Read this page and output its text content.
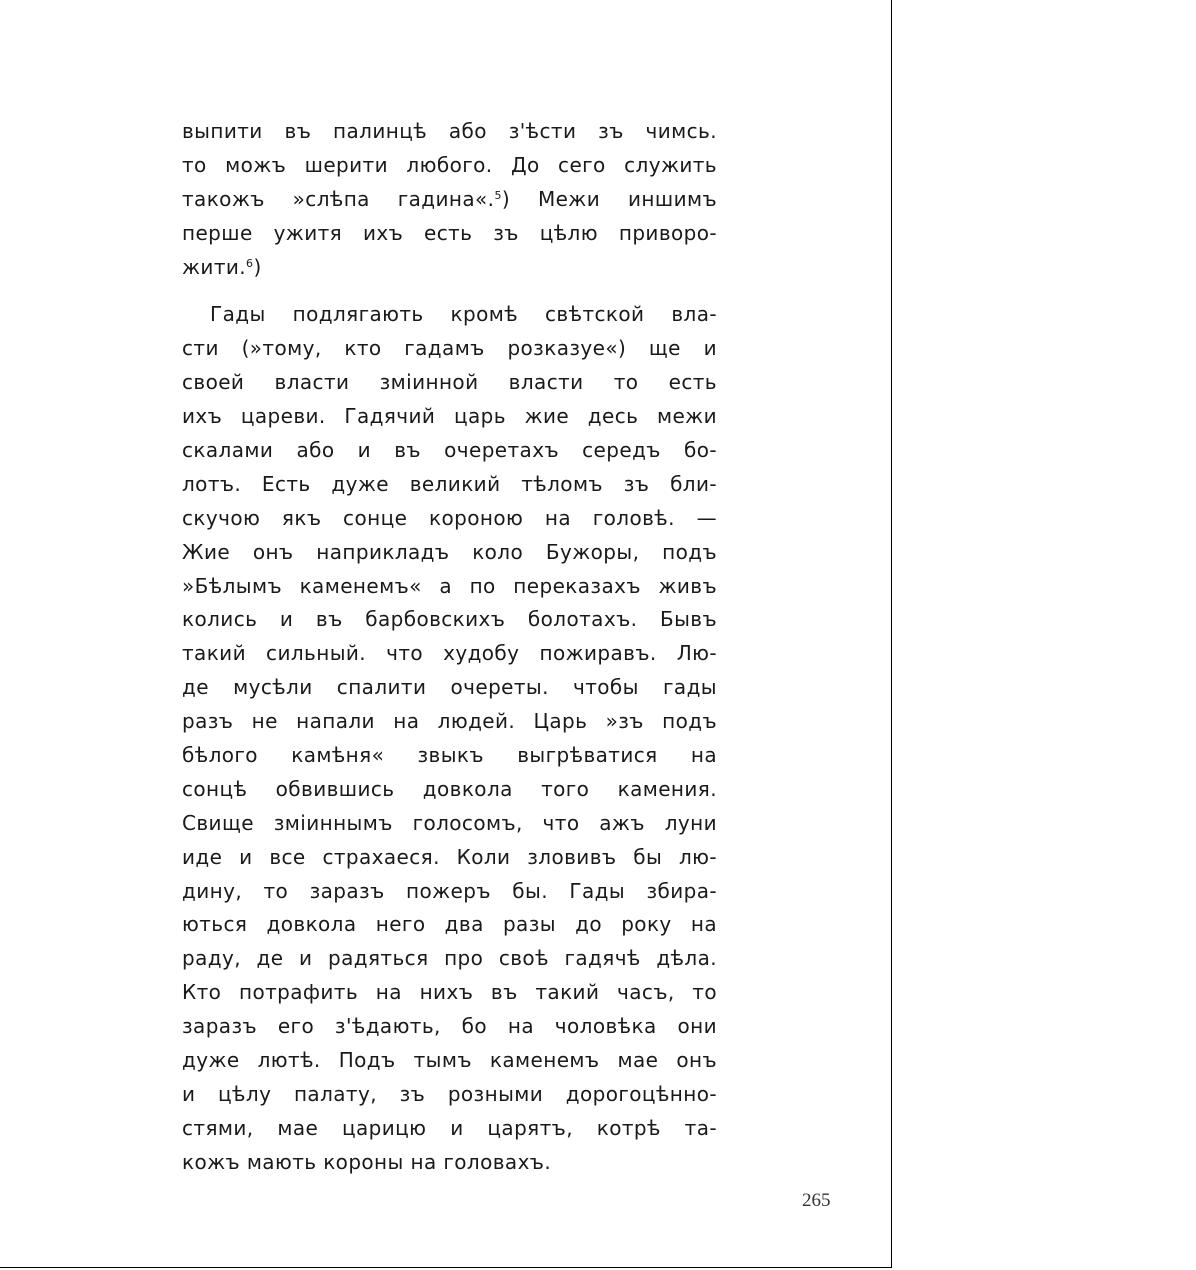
выпити въ палинцѣ або з'ѣсти зъ чимсь.
то можъ шерити любого. До сего служить
такожъ »слѣпа гадина«.$^5$) Межи иншимъ
перше ужитя ихъ есть зъ цѣлю приворо-
жити.$^6$)
Гады подлягають кромѣ свѣтской вла-
сти (»тому, кто гадамъ розказуе«) ще и
своей власти змiинной власти то есть
ихъ цареви. Гадячий царь жие десь межи
скалами або и въ очеретахъ середъ бо-
лотъ. Есть дуже великий тѣломъ зъ бли-
скучою якъ сонце короною на головѣ. —
Жие онъ наприкладъ коло Бужоры, подъ
»Бѣлымъ каменемъ« а по переказахъ живъ
колись и въ барбовскихъ болотахъ. Бывъ
такий сильный. что худобу пожиравъ. Лю-
де мусѣли спалити очереты. чтобы гады
разъ не напали на людей. Царь »зъ подъ
бѣлого камѣня« звыкъ выгрѣватися на
сонцѣ обвившись довкола того камения.
Свище змiиннымъ голосомъ, что ажъ луни
иде и все страхаеся. Коли зловивъ бы лю-
дину, то заразъ пожеръ бы. Гады збира-
ються довкола него два разы до року на
раду, де и радяться про своѣ гадячѣ дѣла.
Кто потрафить на нихъ въ такий часъ, то
заразъ его з'ѣдають, бо на чоловѣка они
дуже лютѣ. Подъ тымъ каменемъ мае онъ
и цѣлу палату, зъ розными дорогоцѣнно-
стями, мае царицю и царятъ, котрѣ та-
кожъ мають короны на головахъ.
265
